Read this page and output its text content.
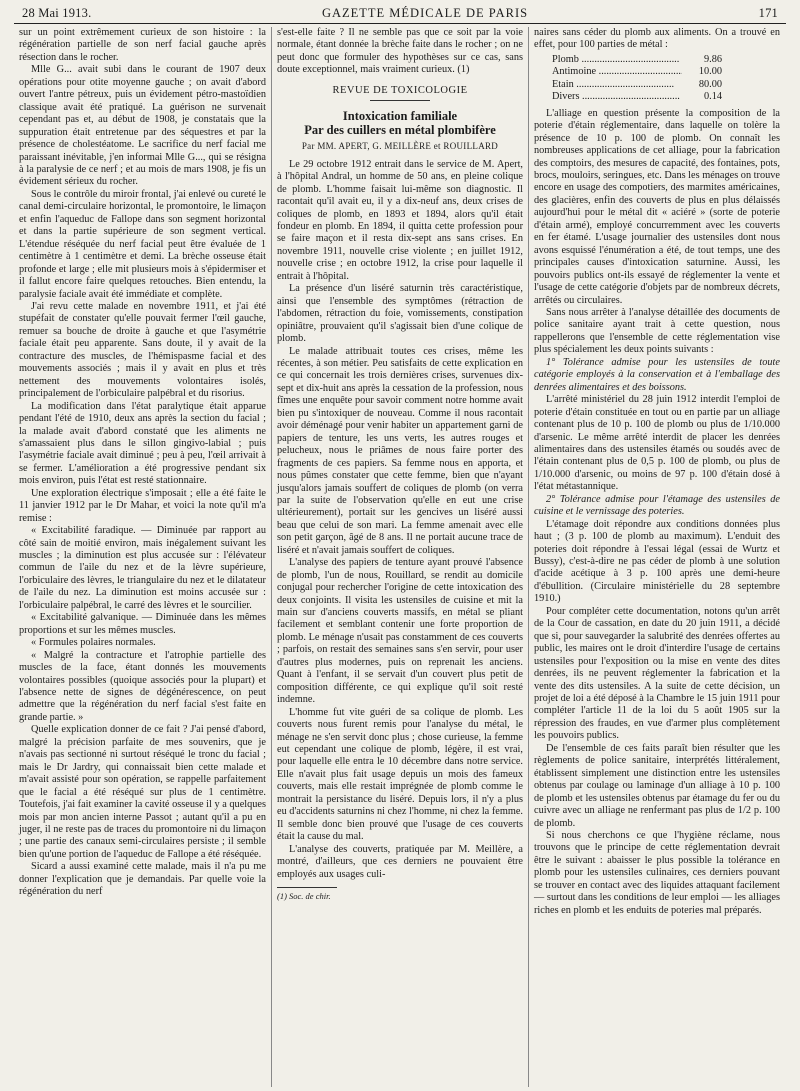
28 Mai 1913.	GAZETTE MÉDICALE DE PARIS	171

sur un point extrêmement curieux de son histoire : la régénération partielle de son nerf facial gauche après résection dans le rocher.

Mlle G... avait subi dans le courant de 1907 deux opérations pour otite moyenne gauche ; on avait d'abord ouvert l'antre pétreux, puis un évidement pétro-mastoïdien classique avait été pratiqué. La guérison ne survenait cependant pas et, au début de 1908, je constatais que la suppuration était entretenue par des séquestres et par la présence de cholestéatome. Le sacrifice du nerf facial me paraissant inévitable, j'en informai Mlle G..., qui se résigna à la paralysie de ce nerf ; et au mois de mars 1908, je fis un évidement sérieux du rocher.

Sous le contrôle du miroir frontal, j'ai enlevé ou cureté le canal demi-circulaire horizontal, le promontoire, le limaçon et enfin l'aqueduc de Fallope dans son segment horizontal et dans la partie supérieure de son segment vertical. L'étendue réséquée du nerf facial peut être évaluée de 1 centimètre à 1 centimètre et demi. La brèche osseuse était profonde et large ; elle mit plusieurs mois à s'épidermiser et il fallut encore faire quelques retouches. Bien entendu, la paralysie faciale avait été immédiate et complète.

J'ai revu cette malade en novembre 1911, et j'ai été stupéfait de constater qu'elle pouvait fermer l'œil gauche, remuer sa bouche de droite à gauche et que l'asymétrie faciale était peu apparente. Sans doute, il y avait de la contracture des muscles, de l'hémispasme facial et des mouvements associés ; mais il y avait en plus et très nettement des mouvements volontaires isolés, principalement de l'orbiculaire palpébral et du risorius.

La modification dans l'état paralytique était apparue pendant l'été de 1910, deux ans après la section du facial ; la malade avait d'abord constaté que les aliments ne s'amassaient plus dans le sillon gingivo-labial ; puis l'asymétrie faciale avait diminué ; peu à peu, l'œil arrivait à se fermer. L'amélioration a été progressive pendant six mois environ, puis l'état est resté stationnaire.

Une exploration électrique s'imposait ; elle a été faite le 11 janvier 1912 par le Dr Mahar, et voici la note qu'il m'a remise :

« Excitabilité faradique. — Diminuée par rapport au côté sain de moitié environ, mais inégalement suivant les muscles ; la diminution est plus accusée sur : l'élévateur commun de l'aile du nez et de la lèvre supérieure, l'orbiculaire des lèvres, le triangulaire du nez et le dilatateur de l'aile du nez. La diminution est moins accusée sur : l'orbiculaire palpébral, le carré des lèvres et le sourcilier.

« Excitabilité galvanique. — Diminuée dans les mêmes proportions et sur les mêmes muscles.

« Formules polaires normales.

« Malgré la contracture et l'atrophie partielle des muscles de la face, étant donnés les mouvements volontaires possibles (quoique associés pour la plupart) et l'absence nette de signes de dégénérescence, on peut admettre que la régénération du nerf facial s'est faite en grande partie. »

Quelle explication donner de ce fait ? J'ai pensé d'abord, malgré la précision parfaite de mes souvenirs, que je n'avais pas sectionné ni surtout réséqué le tronc du facial ; mais le Dr Jardry, qui connaissait bien cette malade et m'avait assisté pour son opération, se rappelle parfaitement que le facial a été réséqué sur plus de 1 centimètre. Toutefois, j'ai fait examiner la cavité osseuse il y a quelques mois par mon ancien interne Passot ; autant qu'il a pu en juger, il ne reste pas de traces du promontoire ni du limaçon ; une partie des canaux semi-circulaires persiste ; il semble bien qu'une portion de l'aqueduc de Fallope a été réséquée.

Sicard a aussi examiné cette malade, mais il n'a pu me donner l'explication que je demandais. Par quelle voie la régénération du nerf

s'est-elle faite ? Il ne semble pas que ce soit par la voie normale, étant donnée la brèche faite dans le rocher ; on ne peut donc que formuler des hypothèses sur ce cas, sans doute exceptionnel, mais vraiment curieux. (1)

REVUE DE TOXICOLOGIE
Intoxication familiale
Par des cuillers en métal plombifère
Par MM. APERT, G. MEILLÈRE et ROUILLARD

Le 29 octobre 1912 entrait dans le service de M. Apert, à l'hôpital Andral, un homme de 50 ans, en pleine colique de plomb. L'homme faisait lui-même son diagnostic. Il racontait qu'il avait eu, il y a dix-neuf ans, deux crises de coliques de plomb, en 1893 et 1894, alors qu'il était fondeur en plomb. En 1894, il quitta cette profession pour se faire maçon et il resta dix-sept ans sans crises. En novembre 1911, nouvelle crise violente ; en juillet 1912, nouvelle crise ; en octobre 1912, la crise pour laquelle il entrait à l'hôpital.

La présence d'un liséré saturnin très caractéristique, ainsi que l'ensemble des symptômes (rétraction de l'abdomen, rétraction du foie, vomissements, constipation opiniâtre, prouvaient qu'il s'agissait bien d'une colique de plomb.

Le malade attribuait toutes ces crises, même les récentes, à son métier. Peu satisfaits de cette explication en ce qui concernait les trois dernières crises, survenues dix-sept et dix-huit ans après la cessation de la profession, nous fîmes une enquête pour savoir comment notre homme avait bien pu s'intoxiquer de nouveau. Comme il nous racontait avoir déménagé pour venir habiter un appartement garni de papiers de tenture, les uns verts, les autres rouges et pelucheux, nous le priâmes de nous faire porter des fragments de ces papiers. Sa femme nous en apporta, et nous pûmes constater que cette femme, bien que n'ayant jusqu'alors jamais souffert de coliques de plomb (on verra par la suite de l'observation qu'elle en eut une crise ultérieurement), portait sur les gencives un liséré aussi beau que celui de son mari. La femme amenait avec elle son petit garçon, âgé de 8 ans. Il ne portait aucune trace de liséré et n'avait jamais souffert de coliques.

L'analyse des papiers de tenture ayant prouvé l'absence de plomb, l'un de nous, Rouillard, se rendit au domicile conjugal pour rechercher l'origine de cette intoxication des deux conjoints. Il visita les ustensiles de cuisine et mit la main sur d'anciens couverts massifs, en métal se pliant facilement et semblant contenir une forte proportion de plomb. Le ménage n'usait pas constamment de ces couverts ; parfois, on restait des semaines sans s'en servir, pour user d'autres plus modernes, puis on reprenait les anciens. Quant à l'enfant, il se servait d'un couvert plus petit de composition différente, ce qui explique qu'il soit resté indemne.

L'homme fut vite guéri de sa colique de plomb. Les couverts nous furent remis pour l'analyse du métal, le ménage ne s'en servit donc plus ; chose curieuse, la femme eut cependant une colique de plomb, légère, il est vrai, pour laquelle elle entra le 10 décembre dans notre service. Elle n'avait plus fait usage depuis un mois des fameux couverts, mais elle restait imprégnée de plomb comme le montrait la persistance du liséré. Depuis lors, il n'y a plus eu d'accidents saturnins ni chez l'homme, ni chez la femme. Il semble donc bien prouvé que l'usage de ces couverts était la cause du mal.

L'analyse des couverts, pratiquée par M. Meillère, a montré, d'ailleurs, que ces derniers ne pouvaient être employés aux usages culi-

(1) Soc. de chir.

naires sans céder du plomb aux aliments. On a trouvé en effet, pour 100 parties de métal :

Plomb .....	9.86
Antimoine .....	10.00
Etain .....	80.00
Divers .....	0.14

L'alliage en question présente la composition de la poterie d'étain réglementaire, dans laquelle on tolère la présence de 10 p. 100 de plomb. On connaît les nombreuses applications de cet alliage, pour la fabrication des comptoirs, des mesures de capacité, des fontaines, pots, brocs, mouloirs, seringues, etc. Dans les ménages on trouve encore en usage des compotiers, des marmites américaines, des glacières, enfin des couverts de plus en plus délaissés aujourd'hui pour le métal dit « aciéré » (sorte de poterie d'étain armé), employé concurremment avec les couverts en fer étamé. L'usage journalier des ustensiles dont nous avons esquissé l'énumération a été, de tout temps, une des principales causes d'intoxication saturnine. Aussi, les pouvoirs publics ont-ils essayé de réglementer la vente et l'usage de cette catégorie d'objets par de nombreux décrets, arrêtés ou circulaires.

Sans nous arrêter à l'analyse détaillée des documents de police sanitaire ayant trait à cette question, nous rappellerons que l'ensemble de cette réglementation vise plus spécialement les deux points suivants :

1° Tolérance admise pour les ustensiles de toute catégorie employés à la conservation et à l'emballage des denrées alimentaires et des boissons.

L'arrêté ministériel du 28 juin 1912 interdit l'emploi de poterie d'étain constituée en tout ou en partie par un alliage contenant plus de 10 p. 100 de plomb ou plus de 1/10.000 d'arsenic. Le même arrêté interdit de placer les denrées alimentaires dans des ustensiles étamés ou soudés avec de l'étain contenant plus de 0,5 p. 100 de plomb, ou plus de 1/10.000 d'arsenic, ou moins de 97 p. 100 d'étain dosé à l'état métastannique.

2° Tolérance admise pour l'étamage des ustensiles de cuisine et le vernissage des poteries.

L'étamage doit répondre aux conditions données plus haut ; (3 p. 100 de plomb au maximum). L'enduit des poteries doit répondre à l'essai légal (essai de Wurtz et Bussy), c'est-à-dire ne pas céder de plomb à une solution d'acide acétique à 3 p. 100 après une demi-heure d'ébullition. (Circulaire ministérielle du 28 septembre 1910.)

Pour compléter cette documentation, notons qu'un arrêt de la Cour de cassation, en date du 20 juin 1911, a décidé que si, pour sauvegarder la salubrité des denrées offertes au public, les maires ont le droit d'interdire l'usage de certains ustensiles pour l'exposition ou la mise en vente des dites denrées, ils ne peuvent réglementer la fabrication et la vente des dits ustensiles. A la suite de cette décision, un projet de loi a été déposé à la Chambre le 15 juin 1911 pour compléter l'article 11 de la loi du 5 août 1905 sur la répression des fraudes, en vue d'armer plus complètement les pouvoirs publics.

De l'ensemble de ces faits paraît bien résulter que les règlements de police sanitaire, interprétés littéralement, établissent simplement une distinction entre les ustensiles obtenus par coulage ou laminage d'un alliage à 10 p. 100 de plomb et les ustensiles obtenus par étamage du fer ou du cuivre avec un alliage ne renfermant pas plus de 1/2 p. 100 de plomb.

Si nous cherchons ce que l'hygiène réclame, nous trouvons que le principe de cette réglementation devrait être le suivant : abaisser le plus possible la tolérance en plomb pour les ustensiles culinaires, ces derniers pouvant se trouver en contact avec des liquides attaquant facilement — surtout dans les conditions de leur emploi — les alliages riches en plomb et les enduits de poteries mal préparés.
